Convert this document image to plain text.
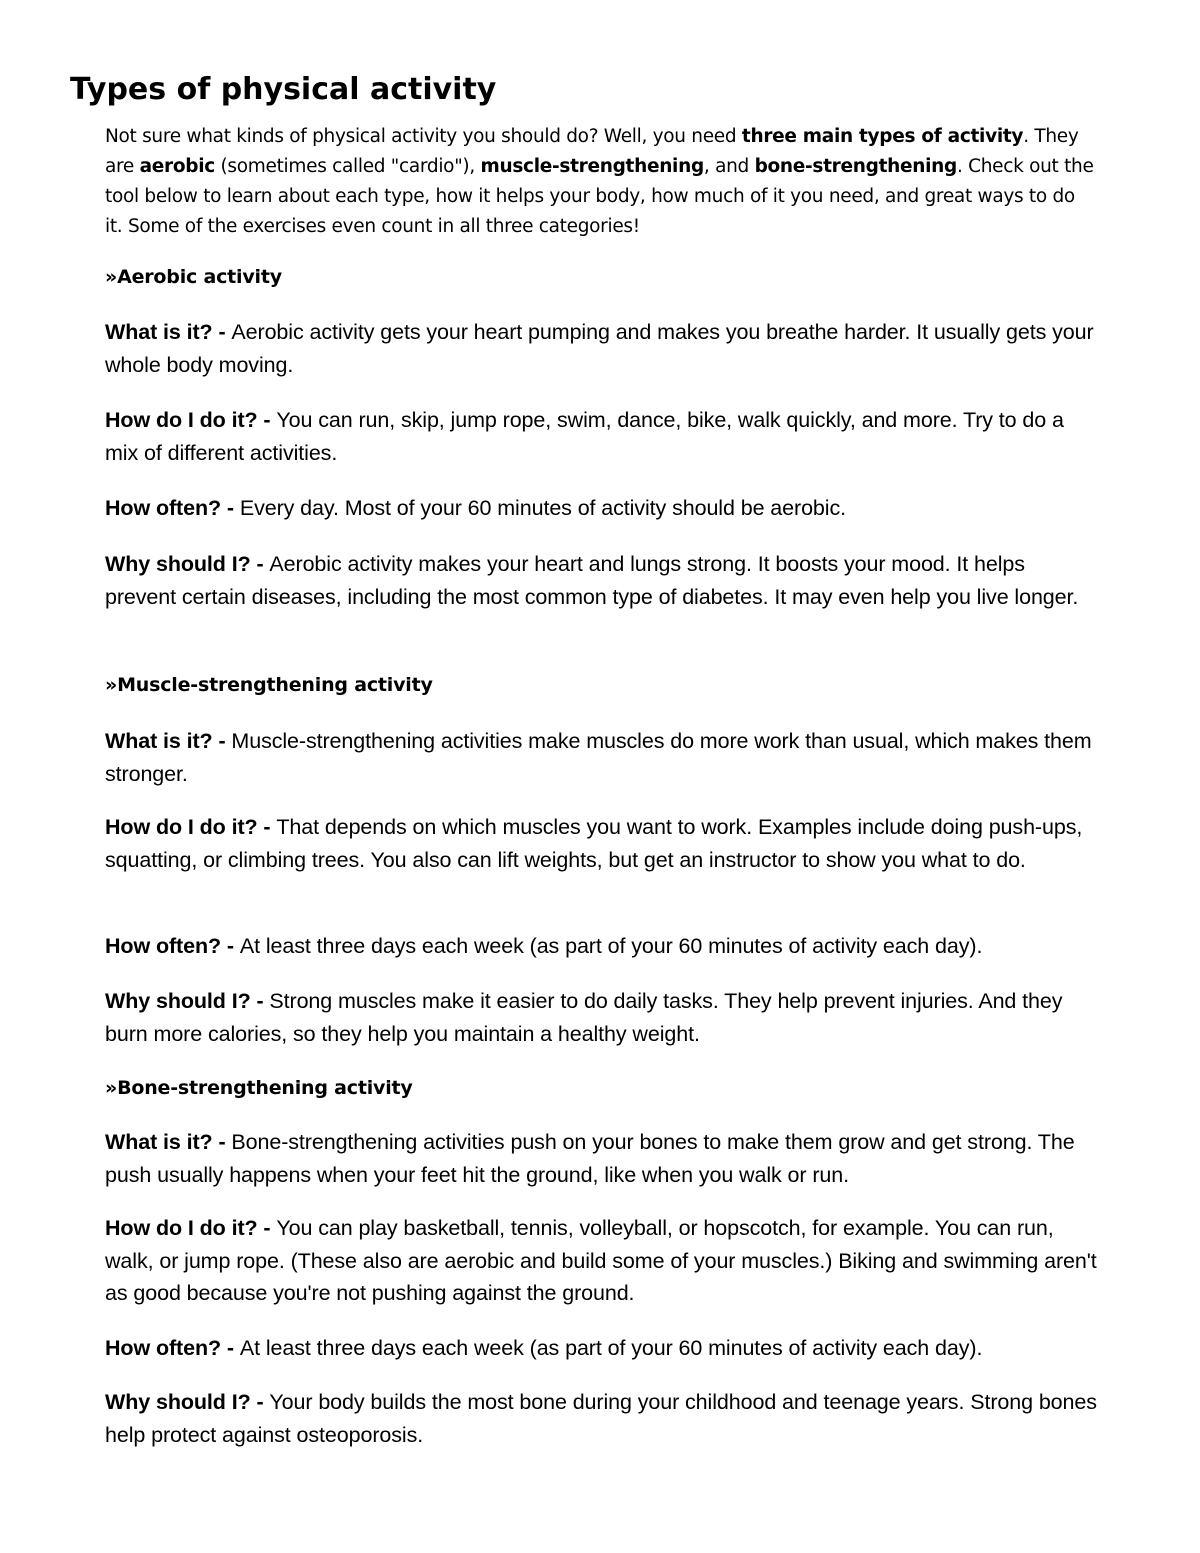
Types of physical activity

Not sure what kinds of physical activity you should do? Well, you need three main types of activity. They are aerobic (sometimes called "cardio"), muscle-strengthening, and bone-strengthening. Check out the tool below to learn about each type, how it helps your body, how much of it you need, and great ways to do it. Some of the exercises even count in all three categories!

»Aerobic activity

What is it? - Aerobic activity gets your heart pumping and makes you breathe harder. It usually gets your whole body moving.

How do I do it? - You can run, skip, jump rope, swim, dance, bike, walk quickly, and more. Try to do a mix of different activities.

How often? - Every day. Most of your 60 minutes of activity should be aerobic.

Why should I? - Aerobic activity makes your heart and lungs strong. It boosts your mood. It helps prevent certain diseases, including the most common type of diabetes. It may even help you live longer.

»Muscle-strengthening activity

What is it? - Muscle-strengthening activities make muscles do more work than usual, which makes them stronger.

How do I do it? - That depends on which muscles you want to work. Examples include doing push-ups, squatting, or climbing trees. You also can lift weights, but get an instructor to show you what to do.

How often? - At least three days each week (as part of your 60 minutes of activity each day).

Why should I? - Strong muscles make it easier to do daily tasks. They help prevent injuries. And they burn more calories, so they help you maintain a healthy weight.

»Bone-strengthening activity

What is it? - Bone-strengthening activities push on your bones to make them grow and get strong. The push usually happens when your feet hit the ground, like when you walk or run.

How do I do it? - You can play basketball, tennis, volleyball, or hopscotch, for example. You can run, walk, or jump rope. (These also are aerobic and build some of your muscles.) Biking and swimming aren't as good because you're not pushing against the ground.

How often? - At least three days each week (as part of your 60 minutes of activity each day).

Why should I? - Your body builds the most bone during your childhood and teenage years. Strong bones help protect against osteoporosis.
